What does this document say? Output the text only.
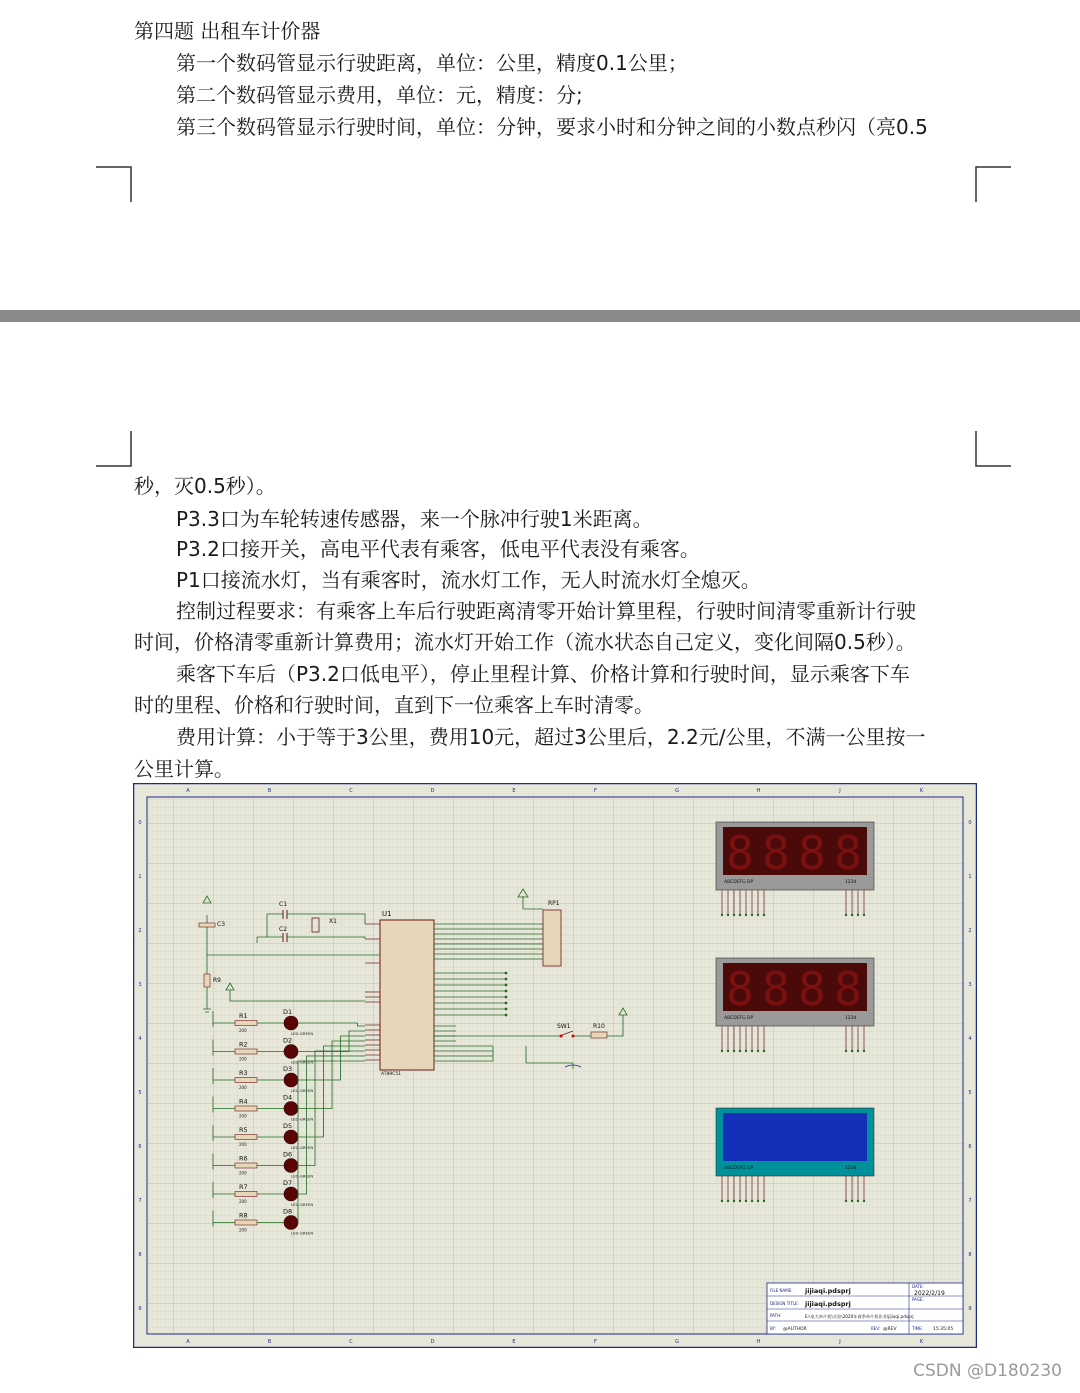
第四题 出租车计价器
第一个数码管显示行驶距离，单位：公里，精度0.1公里；
第二个数码管显示费用，单位：元，精度：分;
第三个数码管显示行驶时间，单位：分钟，要求小时和分钟之间的小数点秒闪（亮0.5
秒，灭0.5秒）。
P3.3口为车轮转速传感器，来一个脉冲行驶1米距离。
P3.2口接开关，高电平代表有乘客，低电平代表没有乘客。
P1口接流水灯，当有乘客时，流水灯工作，无人时流水灯全熄灭。
控制过程要求：有乘客上车后行驶距离清零开始计算里程，行驶时间清零重新计行驶
时间，价格清零重新计算费用；流水灯开始工作（流水状态自己定义，变化间隔0.5秒）。
乘客下车后（P3.2口低电平），停止里程计算、价格计算和行驶时间，显示乘客下车
时的里程、价格和行驶时间，直到下一位乘客上车时清零。
费用计算：小于等于3公里，费用10元，超过3公里后，2.2元/公里，不满一公里按一
公里计算。
A
A
B
B
C
C
D
D
E
E
F
F
G
G
H
H
J
J
K
K
0	0
1	1
2	2
3	3
4	4
5	5
6	6
7	7
8	8
9	9
U1
AT89C51
RP1
X1
C1
C2
C3
R9
SW1	R10
R1
200
D1
LED-GREEN
R2
200
D2
LED-GREEN
R3
200
D3
LED-GREEN
R4
200
D4
LED-GREEN
R5
200
D5
LED-GREEN
R6
200
D6
LED-GREEN
R7
200
D7
LED-GREEN
R8
200
D8
LED-GREEN
8 8 8 8
ABCDEFG DP	1234
8 8 8 8
ABCDEFG DP	1234
ABCDEFG DP	1234
FILE NAME: jijiaqi.pdsprj
DATE:
2022/2/19
DESIGN TITLE: jijiaqi.pdsprj
PAGE:
PATH:	E:\电大单片机\实验\2020年春季单片机作业\jijiaqi.pdsprj
BY: @AUTHOR	REV: @REV	TIME: 15:35:05
CSDN @D180230
